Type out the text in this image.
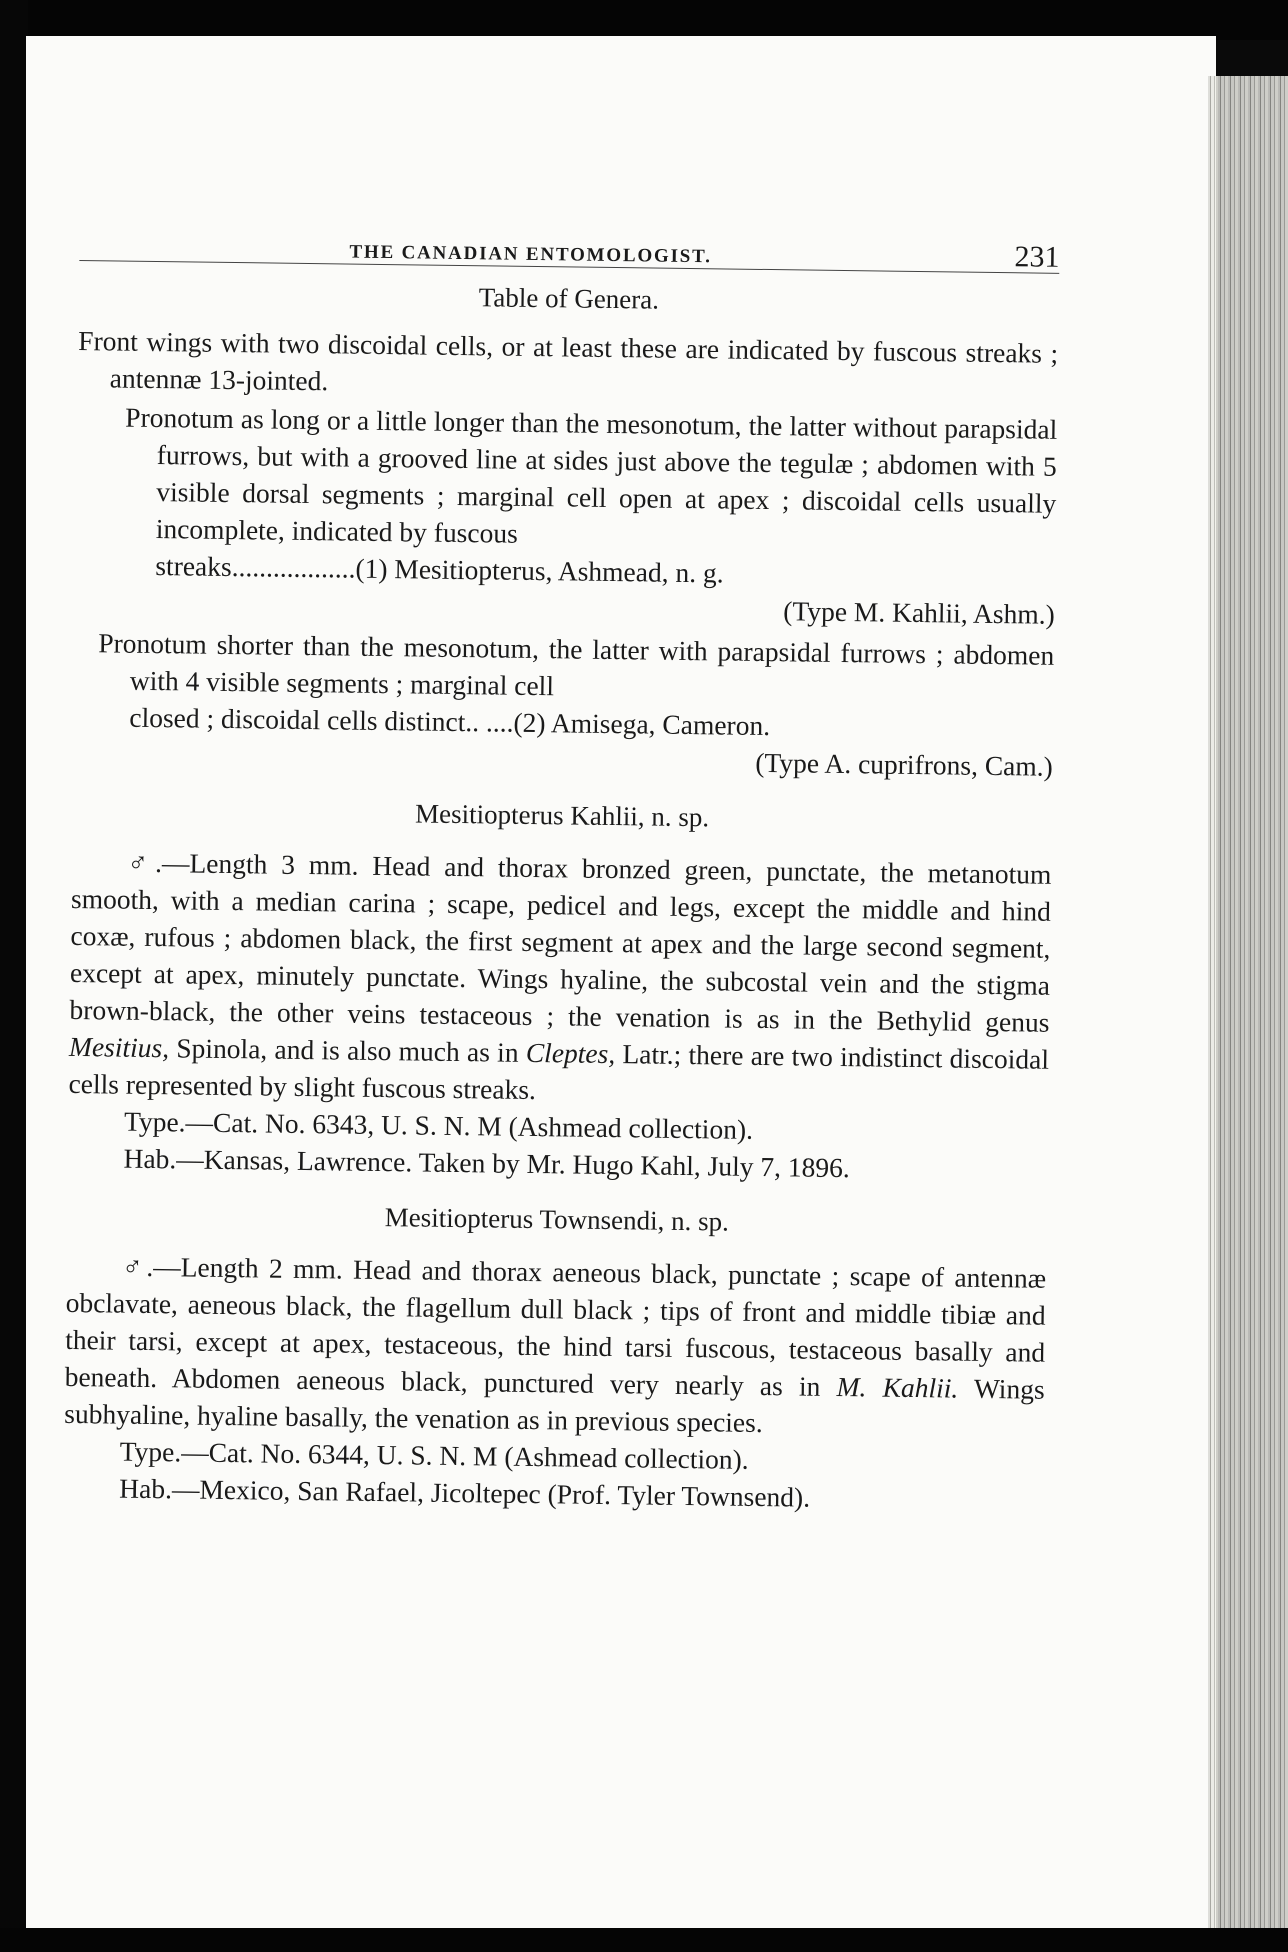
THE CANADIAN ENTOMOLOGIST.	231
Table of Genera.

Front wings with two discoidal cells, or at least these are indicated by fuscous streaks ; antennæ 13-jointed.

Pronotum as long or a little longer than the mesonotum, the latter without parapsidal furrows, but with a grooved line at sides just above the tegulæ ; abdomen with 5 visible dorsal segments ; marginal cell open at apex ; discoidal cells usually incomplete, indicated by fuscous

streaks..................(1) Mesitiopterus, Ashmead, n. g.

(Type M. Kahlii, Ashm.)

Pronotum shorter than the mesonotum, the latter with parapsidal furrows ; abdomen with 4 visible segments ; marginal cell

closed ; discoidal cells distinct.. ....(2) Amisega, Cameron.

(Type A. cuprifrons, Cam.)

Mesitiopterus Kahlii, n. sp.

♂.—Length 3 mm. Head and thorax bronzed green, punctate, the metanotum smooth, with a median carina ; scape, pedicel and legs, except the middle and hind coxæ, rufous ; abdomen black, the first segment at apex and the large second segment, except at apex, minutely punctate. Wings hyaline, the subcostal vein and the stigma brown-black, the other veins testaceous ; the venation is as in the Bethylid genus Mesitius, Spinola, and is also much as in Cleptes, Latr.; there are two indistinct discoidal cells represented by slight fuscous streaks.

Type.—Cat. No. 6343, U. S. N. M (Ashmead collection).

Hab.—Kansas, Lawrence. Taken by Mr. Hugo Kahl, July 7, 1896.

Mesitiopterus Townsendi, n. sp.

♂.—Length 2 mm. Head and thorax aeneous black, punctate ; scape of antennæ obclavate, aeneous black, the flagellum dull black ; tips of front and middle tibiæ and their tarsi, except at apex, testaceous, the hind tarsi fuscous, testaceous basally and beneath. Abdomen aeneous black, punctured very nearly as in M. Kahlii. Wings subhyaline, hyaline basally, the venation as in previous species.

Type.—Cat. No. 6344, U. S. N. M (Ashmead collection).

Hab.—Mexico, San Rafael, Jicoltepec (Prof. Tyler Townsend).
